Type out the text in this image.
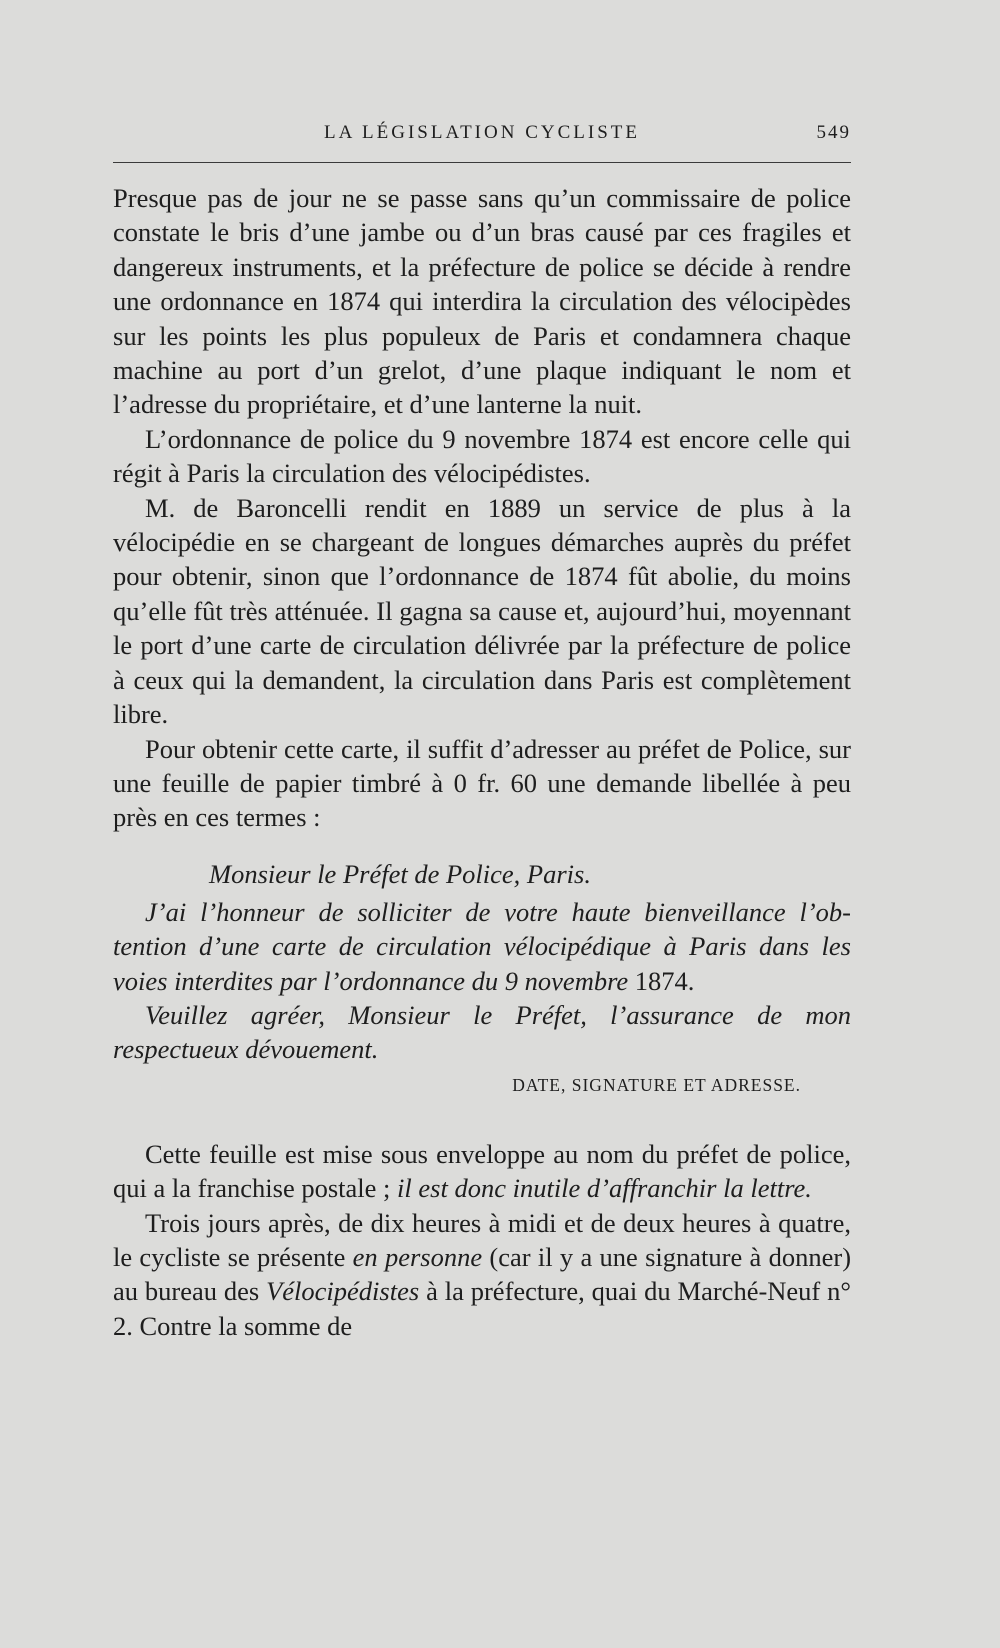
LA LÉGISLATION CYCLISTE	549

Presque pas de jour ne se passe sans qu’un commissaire de police constate le bris d’une jambe ou d’un bras causé par ces fragiles et dangereux instruments, et la préfecture de police se décide à rendre une ordonnance en 1874 qui interdira la circulation des vélocipèdes sur les points les plus populeux de Paris et condamnera chaque machine au port d’un grelot, d’une plaque indiquant le nom et l’adresse du propriétaire, et d’une lanterne la nuit.

L’ordonnance de police du 9 novembre 1874 est encore celle qui régit à Paris la circulation des vélocipédistes.

M. de Baroncelli rendit en 1889 un service de plus à la vélocipédie en se chargeant de longues démarches auprès du préfet pour obtenir, sinon que l’ordonnance de 1874 fût abolie, du moins qu’elle fût très atténuée. Il gagna sa cause et, aujourd’hui, moyennant le port d’une carte de circulation délivrée par la préfecture de police à ceux qui la demandent, la circulation dans Paris est complètement libre.

Pour obtenir cette carte, il suffit d’adresser au préfet de Police, sur une feuille de papier timbré à 0 fr. 60 une demande libellée à peu près en ces termes :

Monsieur le Préfet de Police, Paris.

J’ai l’honneur de solliciter de votre haute bienveillance l’obtention d’une carte de circulation vélocipédique à Paris dans les voies interdites par l’ordonnance du 9 novembre 1874.

Veuillez agréer, Monsieur le Préfet, l’assurance de mon respectueux dévouement.

DATE, SIGNATURE ET ADRESSE.

Cette feuille est mise sous enveloppe au nom du préfet de police, qui a la franchise postale ; il est donc inutile d’affranchir la lettre.

Trois jours après, de dix heures à midi et de deux heures à quatre, le cycliste se présente en personne (car il y a une signature à donner) au bureau des Vélocipédistes à la préfecture, quai du Marché-Neuf n° 2. Contre la somme de
